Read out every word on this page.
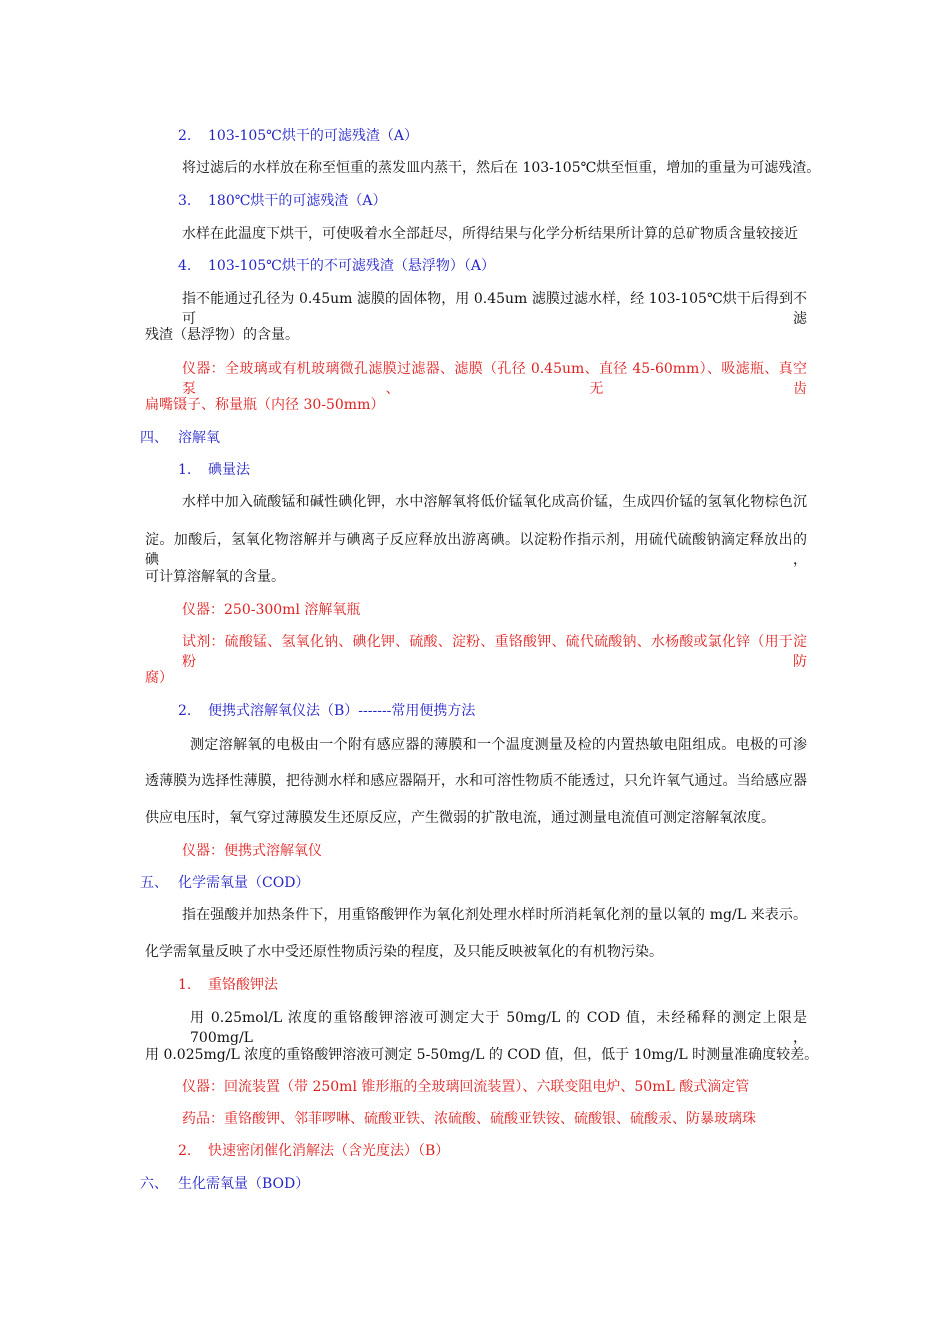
2. 103-105℃烘干的可滤残渣（A）
将过滤后的水样放在称至恒重的蒸发皿内蒸干，然后在 103-105℃烘至恒重，增加的重量为可滤残渣。
3. 180℃烘干的可滤残渣（A）
水样在此温度下烘干，可使吸着水全部赶尽，所得结果与化学分析结果所计算的总矿物质含量较接近
4. 103-105℃烘干的不可滤残渣（悬浮物）（A）
指不能通过孔径为 0.45um 滤膜的固体物，用 0.45um 滤膜过滤水样，经 103-105℃烘干后得到不可滤
残渣（悬浮物）的含量。
仪器：全玻璃或有机玻璃微孔滤膜过滤器、滤膜（孔径 0.45um、直径 45-60mm）、吸滤瓶、真空泵、无齿
扁嘴镊子、称量瓶（内径 30-50mm）
四、 溶解氧
1. 碘量法
水样中加入硫酸锰和碱性碘化钾，水中溶解氧将低价锰氧化成高价锰，生成四价锰的氢氧化物棕色沉
淀。加酸后，氢氧化物溶解并与碘离子反应释放出游离碘。以淀粉作指示剂，用硫代硫酸钠滴定释放出的碘，
可计算溶解氧的含量。
仪器：250-300ml 溶解氧瓶
试剂：硫酸锰、氢氧化钠、碘化钾、硫酸、淀粉、重铬酸钾、硫代硫酸钠、水杨酸或氯化锌（用于淀粉防
腐）
2. 便携式溶解氧仪法（B）-------常用便携方法
测定溶解氧的电极由一个附有感应器的薄膜和一个温度测量及检的内置热敏电阻组成。电极的可渗
透薄膜为选择性薄膜，把待测水样和感应器隔开，水和可溶性物质不能透过，只允许氧气通过。当给感应器
供应电压时，氧气穿过薄膜发生还原反应，产生微弱的扩散电流，通过测量电流值可测定溶解氧浓度。
仪器：便携式溶解氧仪
五、 化学需氧量（COD）
指在强酸并加热条件下，用重铬酸钾作为氧化剂处理水样时所消耗氧化剂的量以氧的 mg/L 来表示。
化学需氧量反映了水中受还原性物质污染的程度，及只能反映被氧化的有机物污染。
1. 重铬酸钾法
用 0.25mol/L 浓度的重铬酸钾溶液可测定大于 50mg/L 的 COD 值，未经稀释的测定上限是 700mg/L，
用 0.025mg/L 浓度的重铬酸钾溶液可测定 5-50mg/L 的 COD 值，但，低于 10mg/L 时测量准确度较差。
仪器：回流装置（带 250ml 锥形瓶的全玻璃回流装置）、六联变阻电炉、50mL 酸式滴定管
药品：重铬酸钾、邻菲啰啉、硫酸亚铁、浓硫酸、硫酸亚铁铵、硫酸银、硫酸汞、防暴玻璃珠
2. 快速密闭催化消解法（含光度法）（B）
六、 生化需氧量（BOD）
